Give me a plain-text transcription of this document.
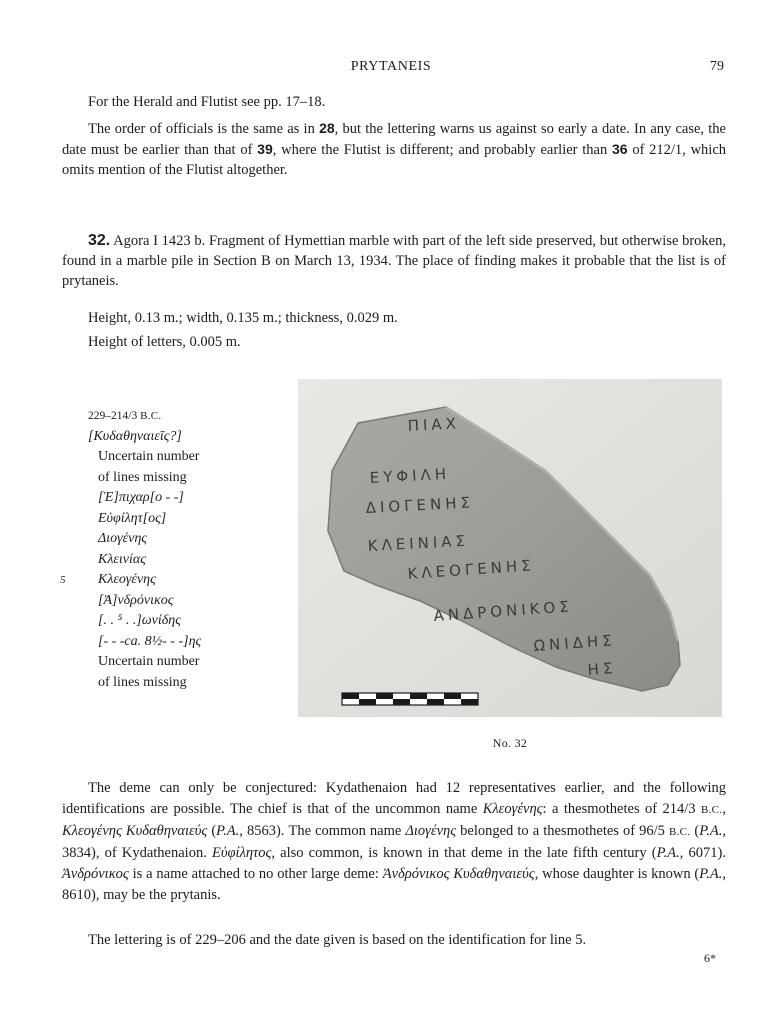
PRYTANEIS	79
For the Herald and Flutist see pp. 17–18.
The order of officials is the same as in 28, but the lettering warns us against so early a date. In any case, the date must be earlier than that of 39, where the Flutist is different; and probably earlier than 36 of 212/1, which omits mention of the Flutist altogether.
32. Agora I 1423 b. Fragment of Hymettian marble with part of the left side preserved, but otherwise broken, found in a marble pile in Section Β on March 13, 1934. The place of finding makes it probable that the list is of prytaneis.
Height, 0.13 m.; width, 0.135 m.; thickness, 0.029 m.
Height of letters, 0.005 m.
229–214/3 B.C.
[Κυδαθηναιεῖς?]
Uncertain number
of lines missing
[Ἐ]πιχαρ[ο - -]
Εὐφίλητ[ος]
Διογένης
Κλεινίας
5 Κλεογένης
[Ἀ]νδρόνικος
[. . ⁵ . .]ωνίδης
[- - -ca. 8½- - -]ης
Uncertain number
of lines missing
ΠΙΑΧ
ΕΥΦΙΛΗ
ΔΙΟΓΕΝΗΣ
ΚΛΕΙΝΙΑΣ
ΚΛΕΟΓΕΝΗΣ
ΑΝΔΡΟΝΙΚΟΣ
ΩΝΙΔΗΣ
ΗΣ
No. 32
The deme can only be conjectured: Kydathenaion had 12 representatives earlier, and the following identifications are possible. The chief is that of the uncommon name Κλεογένης: a thesmothetes of 214/3 B.C., Κλεογένης Κυδαθηναιεύς (P.A., 8563). The common name Διογένης belonged to a thesmothetes of 96/5 B.C. (P.A., 3834), of Kydathenaion. Εὐφίλητος, also common, is known in that deme in the late fifth century (P.A., 6071). Ἀνδρόνικος is a name attached to no other large deme: Ἀνδρόνικος Κυδαθηναιεύς, whose daughter is known (P.A., 8610), may be the prytanis.
The lettering is of 229–206 and the date given is based on the identification for line 5.
6*
